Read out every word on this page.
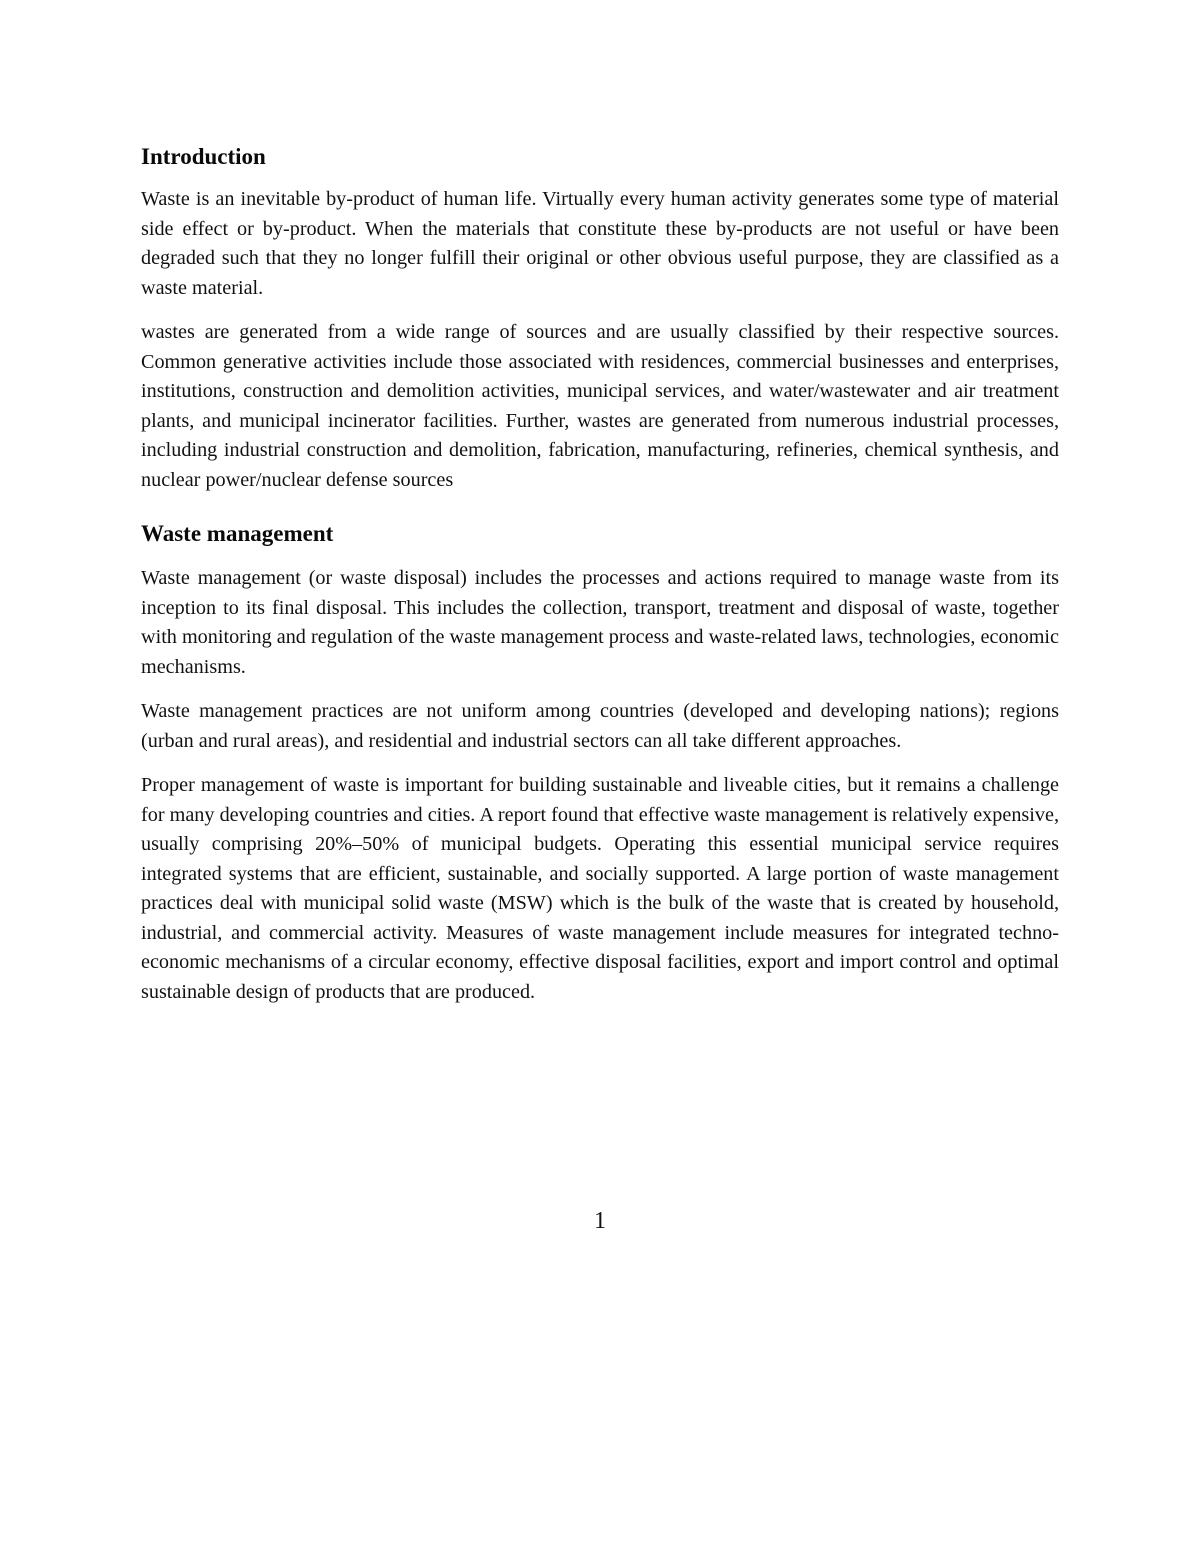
Introduction

Waste is an inevitable by-product of human life. Virtually every human activity generates some type of material side effect or by-product. When the materials that constitute these by-products are not useful or have been degraded such that they no longer fulfill their original or other obvious useful purpose, they are classified as a waste material.

wastes are generated from a wide range of sources and are usually classified by their respective sources. Common generative activities include those associated with residences, commercial businesses and enterprises, institutions, construction and demolition activities, municipal services, and water/wastewater and air treatment plants, and municipal incinerator facilities. Further, wastes are generated from numerous industrial processes, including industrial construction and demolition, fabrication, manufacturing, refineries, chemical synthesis, and nuclear power/nuclear defense sources

Waste management

Waste management (or waste disposal) includes the processes and actions required to manage waste from its inception to its final disposal. This includes the collection, transport, treatment and disposal of waste, together with monitoring and regulation of the waste management process and waste-related laws, technologies, economic mechanisms.

Waste management practices are not uniform among countries (developed and developing nations); regions (urban and rural areas), and residential and industrial sectors can all take different approaches.

Proper management of waste is important for building sustainable and liveable cities, but it remains a challenge for many developing countries and cities. A report found that effective waste management is relatively expensive, usually comprising 20%–50% of municipal budgets. Operating this essential municipal service requires integrated systems that are efficient, sustainable, and socially supported. A large portion of waste management practices deal with municipal solid waste (MSW) which is the bulk of the waste that is created by household, industrial, and commercial activity. Measures of waste management include measures for integrated techno-economic mechanisms of a circular economy, effective disposal facilities, export and import control and optimal sustainable design of products that are produced.

1
